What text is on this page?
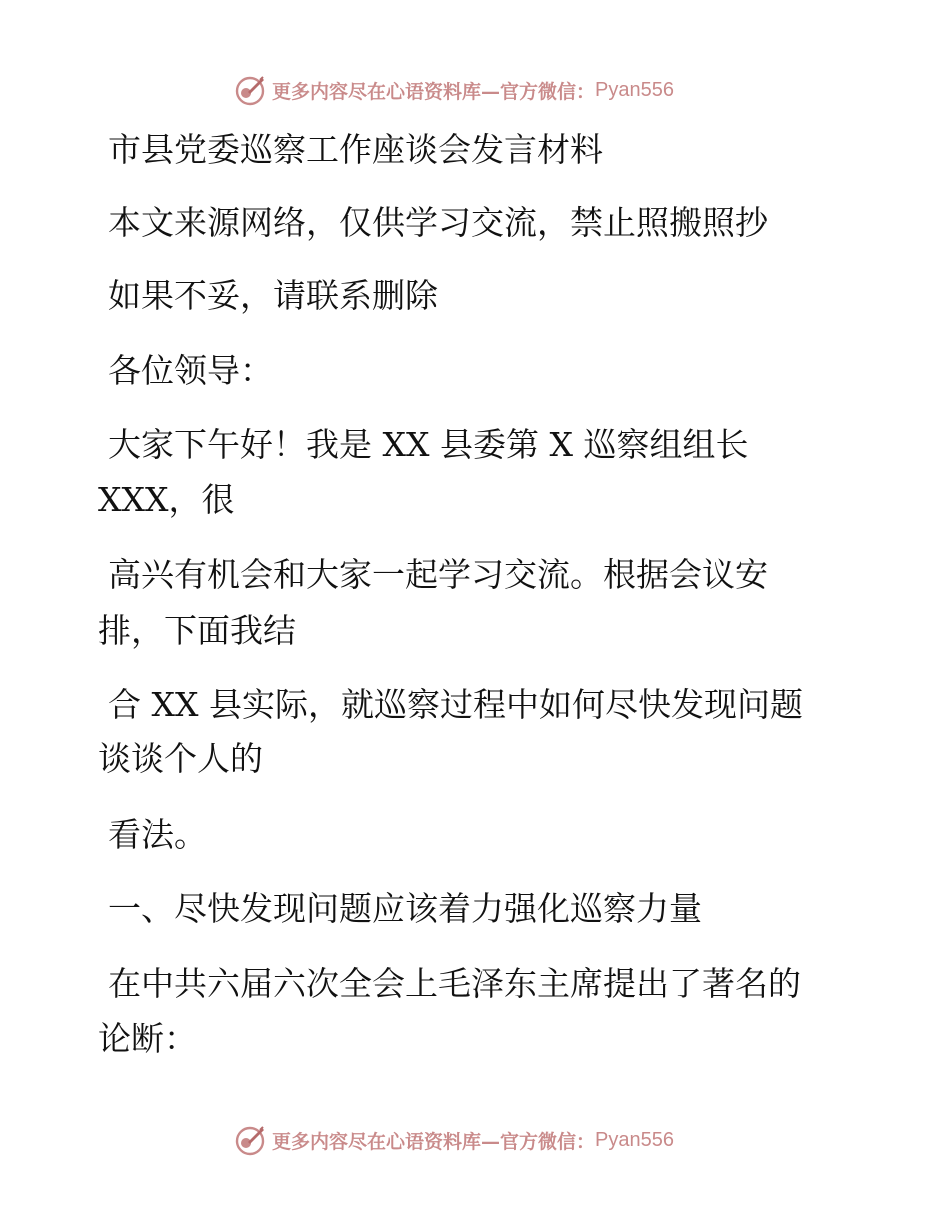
更多内容尽在心语资料库—官方微信： Pyan556

市县党委巡察工作座谈会发言材料

本文来源网络，仅供学习交流，禁止照搬照抄

如果不妥，请联系删除

各位领导：

大家下午好！我是 XX 县委第 X 巡察组组长

XXX，很

高兴有机会和大家一起学习交流。根据会议安

排，下面我结

合 XX 县实际，就巡察过程中如何尽快发现问题

谈谈个人的

看法。

一、尽快发现问题应该着力强化巡察力量

在中共六届六次全会上毛泽东主席提出了著名的

论断：

更多内容尽在心语资料库—官方微信： Pyan556
